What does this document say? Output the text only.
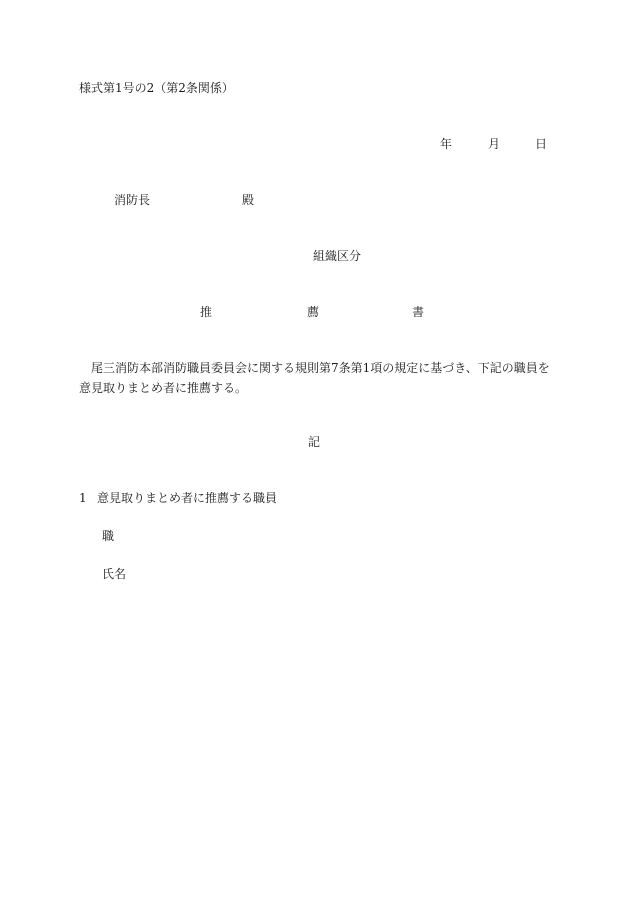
様式第1号の2（第2条関係）
年	月	日
消防長	殿
組織区分
推	薦	書
尾三消防本部消防職員委員会に関する規則第7条第1項の規定に基づき、下記の職員を意見取りまとめ者に推薦する。
記
1 意見取りまとめ者に推薦する職員
職
氏名
